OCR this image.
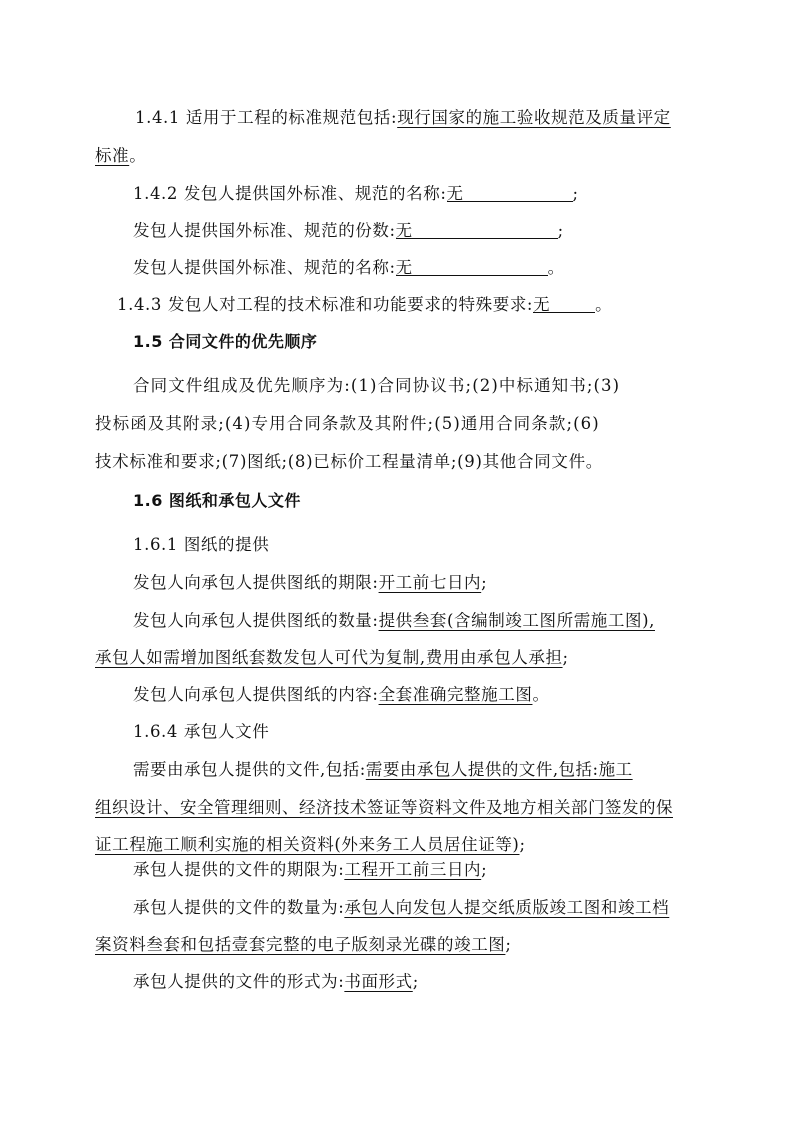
1.4.1 适用于工程的标准规范包括:现行国家的施工验收规范及质量评定
标准。
1.4.2 发包人提供国外标准、规范的名称:无	;
发包人提供国外标准、规范的份数:无	;
发包人提供国外标准、规范的名称:无	。
1.4.3 发包人对工程的技术标准和功能要求的特殊要求:无	。
1.5 合同文件的优先顺序
合同文件组成及优先顺序为:(1)合同协议书;(2)中标通知书;(3)
投标函及其附录;(4)专用合同条款及其附件;(5)通用合同条款;(6)
技术标准和要求;(7)图纸;(8)已标价工程量清单;(9)其他合同文件。
1.6 图纸和承包人文件
1.6.1 图纸的提供
发包人向承包人提供图纸的期限:开工前七日内;
发包人向承包人提供图纸的数量:提供叁套(含编制竣工图所需施工图),
承包人如需增加图纸套数发包人可代为复制,费用由承包人承担;
发包人向承包人提供图纸的内容:全套准确完整施工图。
1.6.4 承包人文件
需要由承包人提供的文件,包括:需要由承包人提供的文件,包括:施工
组织设计、安全管理细则、经济技术签证等资料文件及地方相关部门签发的保
证工程施工顺利实施的相关资料(外来务工人员居住证等);
承包人提供的文件的期限为:工程开工前三日内;
承包人提供的文件的数量为:承包人向发包人提交纸质版竣工图和竣工档
案资料叁套和包括壹套完整的电子版刻录光碟的竣工图;
承包人提供的文件的形式为:书面形式;
